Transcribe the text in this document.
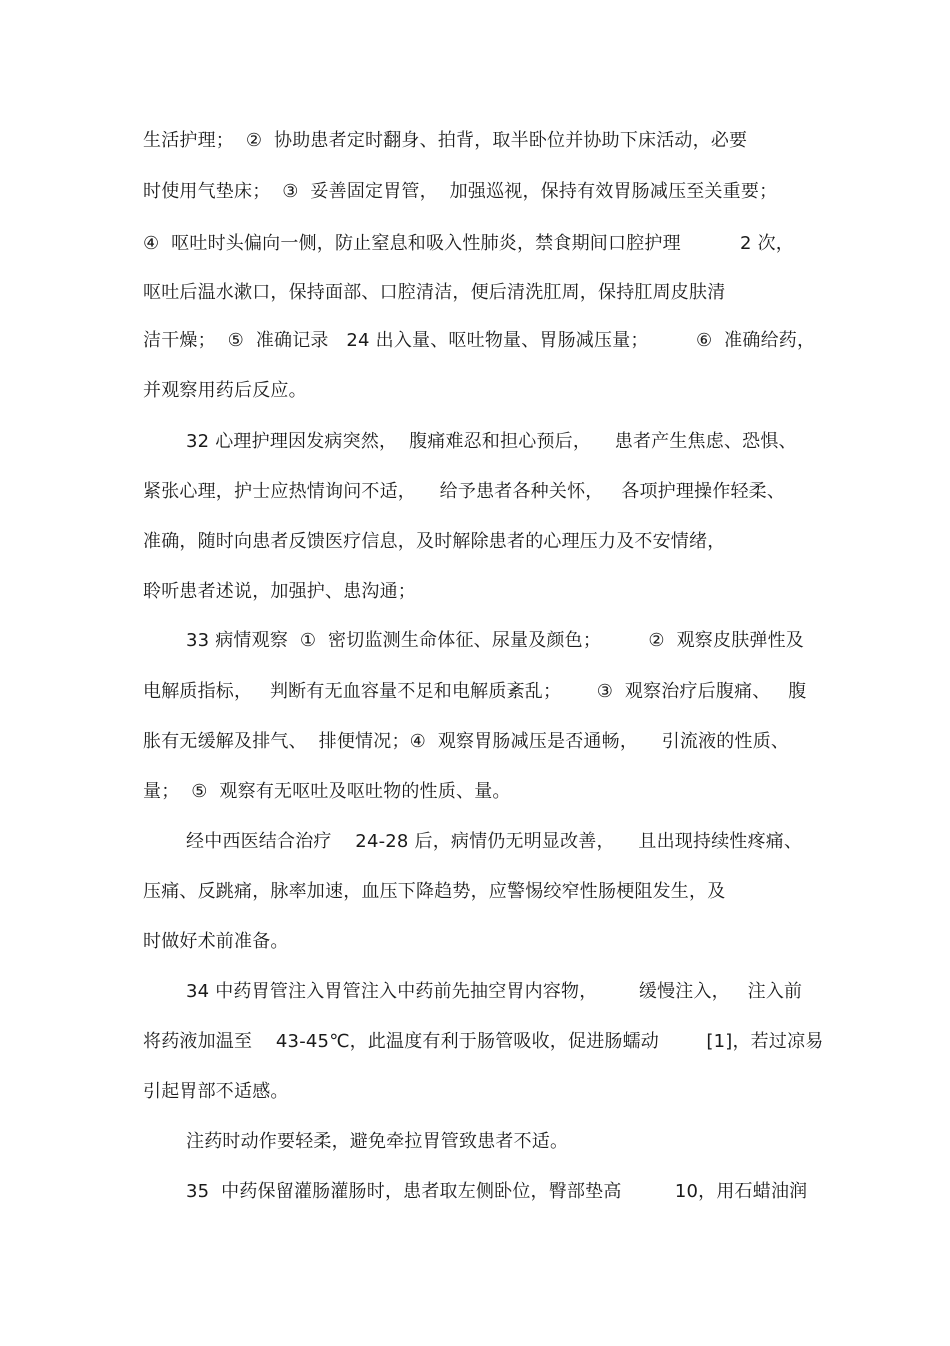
生活护理；  ②  协助患者定时翻身、拍背，取半卧位并协助下床活动，必要
时使用气垫床；  ③  妥善固定胃管，  加强巡视，保持有效胃肠减压至关重要；
④  呕吐时头偏向一侧，防止窒息和吸入性肺炎，禁食期间口腔护理          2 次，
呕吐后温水漱口，保持面部、口腔清洁，便后清洗肛周，保持肛周皮肤清
洁干燥；  ⑤  准确记录   24 出入量、呕吐物量、胃肠减压量；        ⑥  准确给药，
并观察用药后反应。
32 心理护理因发病突然，  腹痛难忍和担心预后，    患者产生焦虑、恐惧、
紧张心理，护士应热情询问不适，    给予患者各种关怀，   各项护理操作轻柔、
准确，随时向患者反馈医疗信息，及时解除患者的心理压力及不安情绪，
聆听患者述说，加强护、患沟通；
33 病情观察  ①  密切监测生命体征、尿量及颜色；        ②  观察皮肤弹性及
电解质指标，   判断有无血容量不足和电解质紊乱；      ③  观察治疗后腹痛、   腹
胀有无缓解及排气、  排便情况；④  观察胃肠减压是否通畅，    引流液的性质、
量；  ⑤  观察有无呕吐及呕吐物的性质、量。
经中西医结合治疗    24-28 后，病情仍无明显改善，    且出现持续性疼痛、
压痛、反跳痛，脉率加速，血压下降趋势，应警惕绞窄性肠梗阻发生，及
时做好术前准备。
34 中药胃管注入胃管注入中药前先抽空胃内容物，       缓慢注入，   注入前
将药液加温至    43-45℃，此温度有利于肠管吸收，促进肠蠕动        [1]，若过凉易
引起胃部不适感。
注药时动作要轻柔，避免牵拉胃管致患者不适。
35  中药保留灌肠灌肠时，患者取左侧卧位，臀部垫高         10，用石蜡油润
